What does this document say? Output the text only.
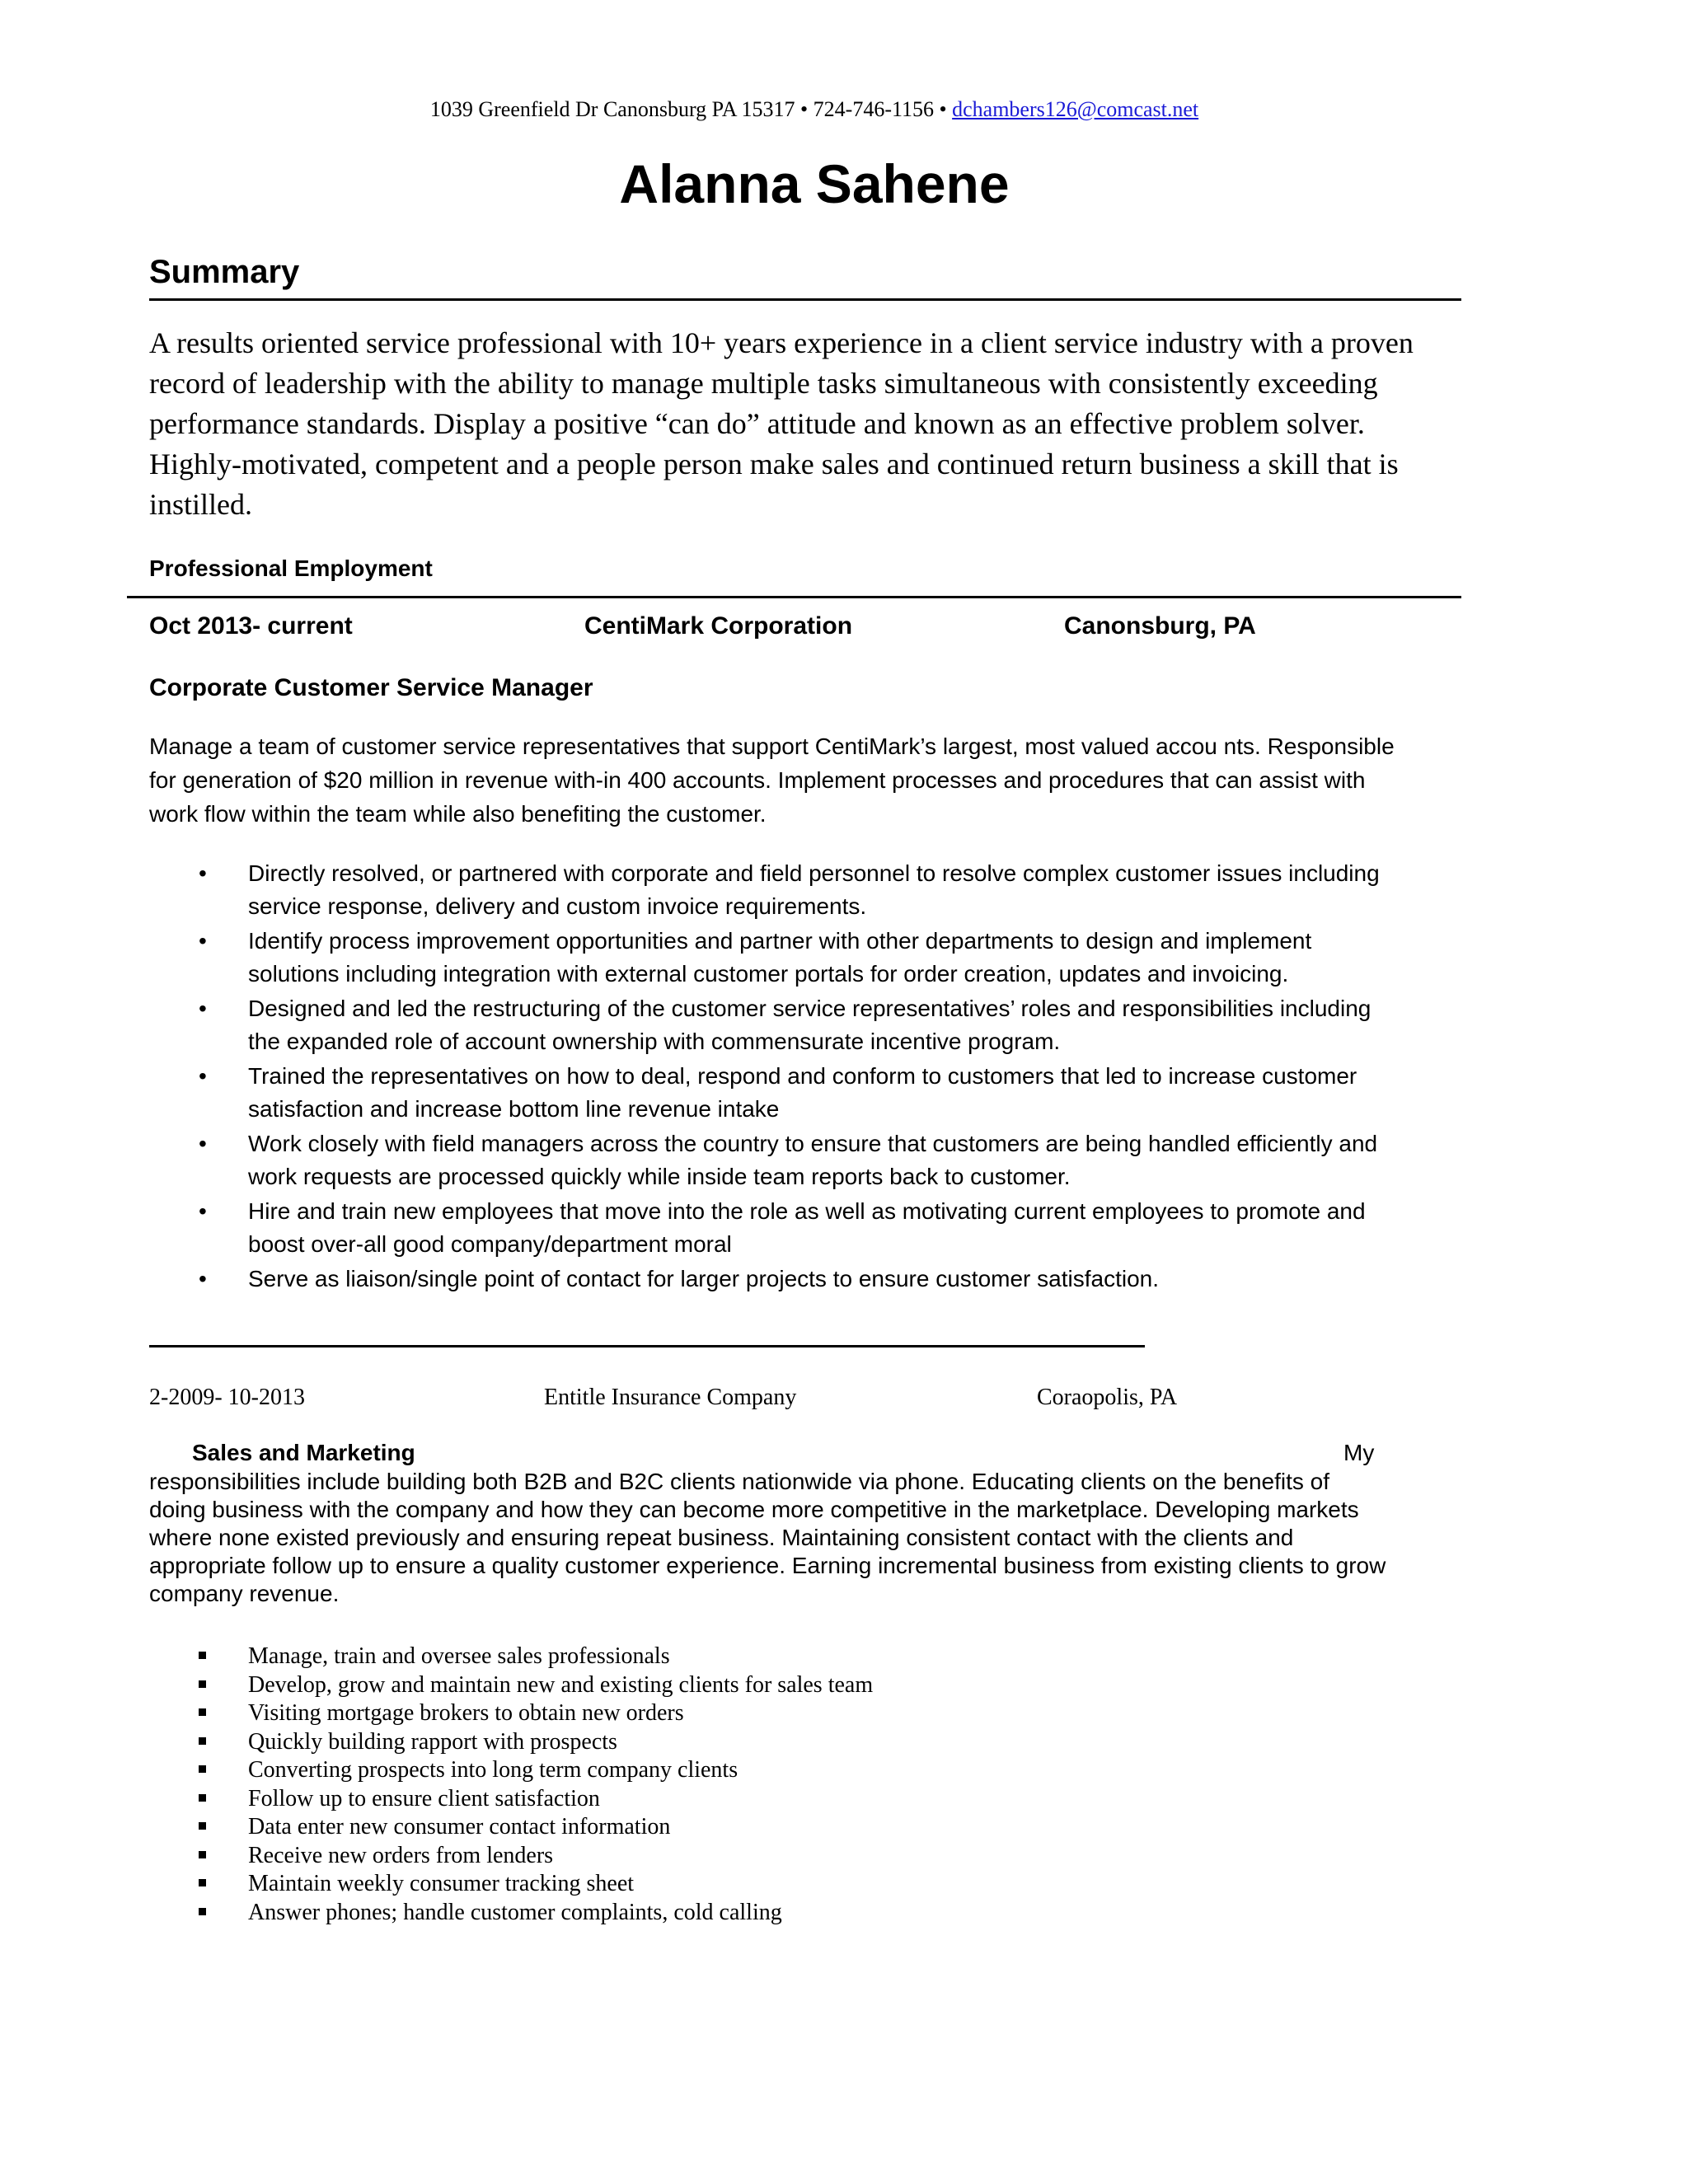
1039 Greenfield Dr Canonsburg PA 15317 • 724-746-1156 • dchambers126@comcast.net
Alanna Sahene
Summary
A results oriented service professional with 10+ years experience in a client service industry with a proven
record of leadership with the ability to manage multiple tasks simultaneous with consistently exceeding
performance standards. Display a positive “can do” attitude and known as an effective problem solver.
Highly-motivated, competent and a people person make sales and continued return business a skill that is
instilled.
Professional Employment
Oct 2013- current	CentiMark Corporation	Canonsburg, PA
Corporate Customer Service Manager
Manage a team of customer service representatives that support CentiMark’s largest, most valued accou nts. Responsible
for generation of $20 million in revenue with-in 400 accounts. Implement processes and procedures that can assist with
work flow within the team while also benefiting the customer.
• Directly resolved, or partnered with corporate and field personnel to resolve complex customer issues including
service response, delivery and custom invoice requirements.
• Identify process improvement opportunities and partner with other departments to design and implement
solutions including integration with external customer portals for order creation, updates and invoicing.
• Designed and led the restructuring of the customer service representatives’ roles and responsibilities including
the expanded role of account ownership with commensurate incentive program.
• Trained the representatives on how to deal, respond and conform to customers that led to increase customer
satisfaction and increase bottom line revenue intake
• Work closely with field managers across the country to ensure that customers are being handled efficiently and
work requests are processed quickly while inside team reports back to customer.
• Hire and train new employees that move into the role as well as motivating current employees to promote and
boost over-all good company/department moral
• Serve as liaison/single point of contact for larger projects to ensure customer satisfaction.
2-2009- 10-2013	Entitle Insurance Company	Coraopolis, PA
Sales and Marketing	My
responsibilities include building both B2B and B2C clients nationwide via phone. Educating clients on the benefits of
doing business with the company and how they can become more competitive in the marketplace. Developing markets
where none existed previously and ensuring repeat business. Maintaining consistent contact with the clients and
appropriate follow up to ensure a quality customer experience. Earning incremental business from existing clients to grow
company revenue.
Manage, train and oversee sales professionals
Develop, grow and maintain new and existing clients for sales team
Visiting mortgage brokers to obtain new orders
Quickly building rapport with prospects
Converting prospects into long term company clients
Follow up to ensure client satisfaction
Data enter new consumer contact information
Receive new orders from lenders
Maintain weekly consumer tracking sheet
Answer phones; handle customer complaints, cold calling
